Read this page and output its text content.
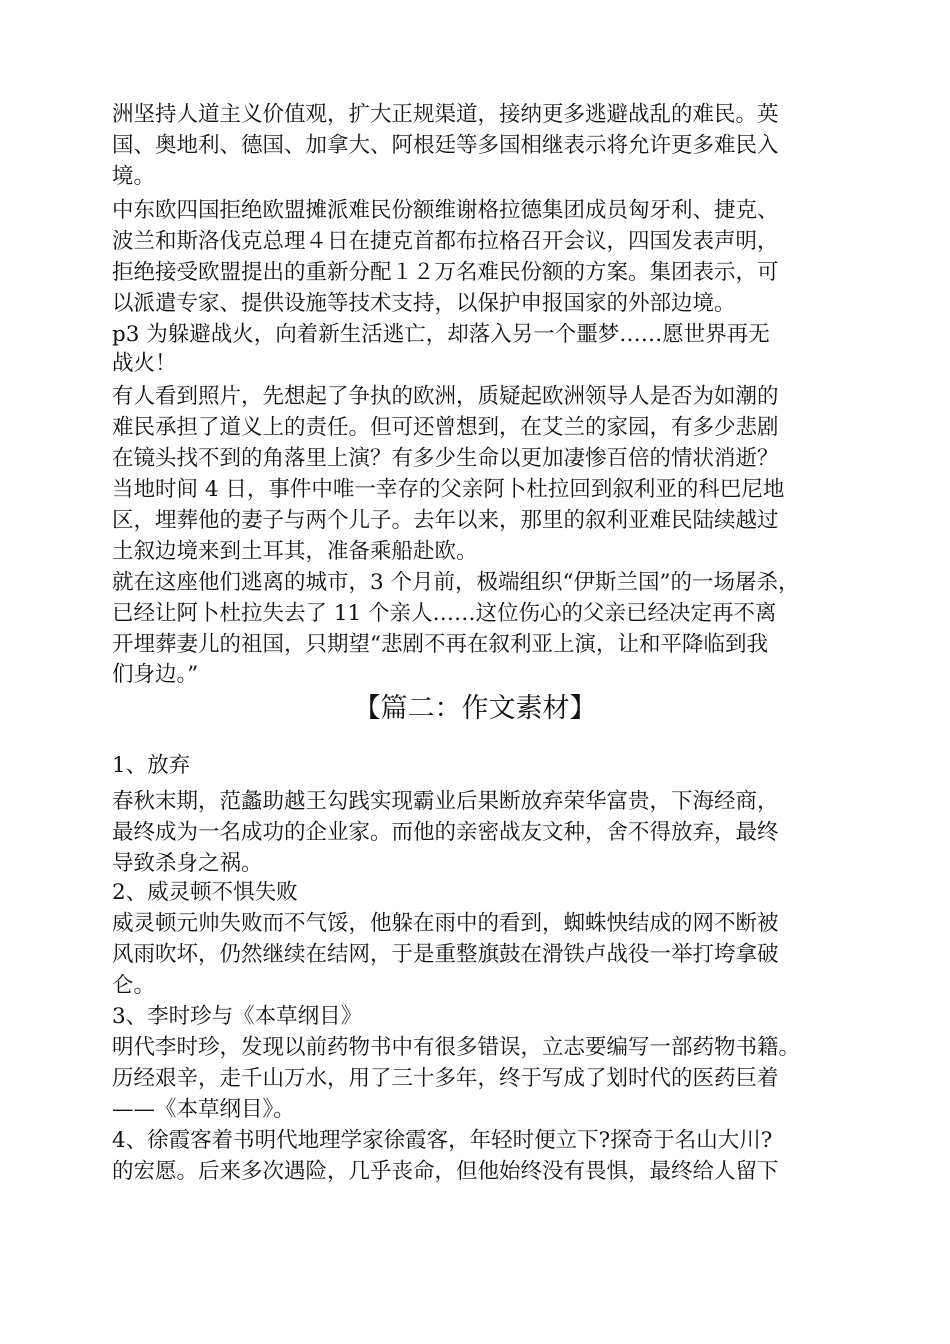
洲坚持人道主义价值观，扩大正规渠道，接纳更多逃避战乱的难民。英
国、奥地利、德国、加拿大、阿根廷等多国相继表示将允许更多难民入
境。
中东欧四国拒绝欧盟摊派难民份额维谢格拉德集团成员匈牙利、捷克、
波兰和斯洛伐克总理４日在捷克首都布拉格召开会议，四国发表声明，
拒绝接受欧盟提出的重新分配１２万名难民份额的方案。集团表示，可
以派遣专家、提供设施等技术支持，以保护申报国家的外部边境。
p3 为躲避战火，向着新生活逃亡，却落入另一个噩梦……愿世界再无
战火！
有人看到照片，先想起了争执的欧洲，质疑起欧洲领导人是否为如潮的
难民承担了道义上的责任。但可还曾想到，在艾兰的家园，有多少悲剧
在镜头找不到的角落里上演？有多少生命以更加凄惨百倍的情状消逝？
当地时间 4 日，事件中唯一幸存的父亲阿卜杜拉回到叙利亚的科巴尼地
区，埋葬他的妻子与两个儿子。去年以来，那里的叙利亚难民陆续越过
土叙边境来到土耳其，准备乘船赴欧。
就在这座他们逃离的城市，3 个月前，极端组织“伊斯兰国”的一场屠杀，
已经让阿卜杜拉失去了 11 个亲人……这位伤心的父亲已经决定再不离
开埋葬妻儿的祖国，只期望“悲剧不再在叙利亚上演，让和平降临到我
们身边。”
【篇二：作文素材】
1、放弃
春秋末期，范蠡助越王勾践实现霸业后果断放弃荣华富贵，下海经商，
最终成为一名成功的企业家。而他的亲密战友文种，舍不得放弃，最终
导致杀身之祸。
2、威灵顿不惧失败
威灵顿元帅失败而不气馁，他躲在雨中的看到，蜘蛛怏结成的网不断被
风雨吹坏，仍然继续在结网，于是重整旗鼓在滑铁卢战役一举打垮拿破
仑。
3、李时珍与《本草纲目》
明代李时珍，发现以前药物书中有很多错误，立志要编写一部药物书籍。
历经艰辛，走千山万水，用了三十多年，终于写成了划时代的医药巨着
——《本草纲目》。
4、徐霞客着书明代地理学家徐霞客，年轻时便立下?探奇于名山大川?
的宏愿。后来多次遇险，几乎丧命，但他始终没有畏惧，最终给人留下
